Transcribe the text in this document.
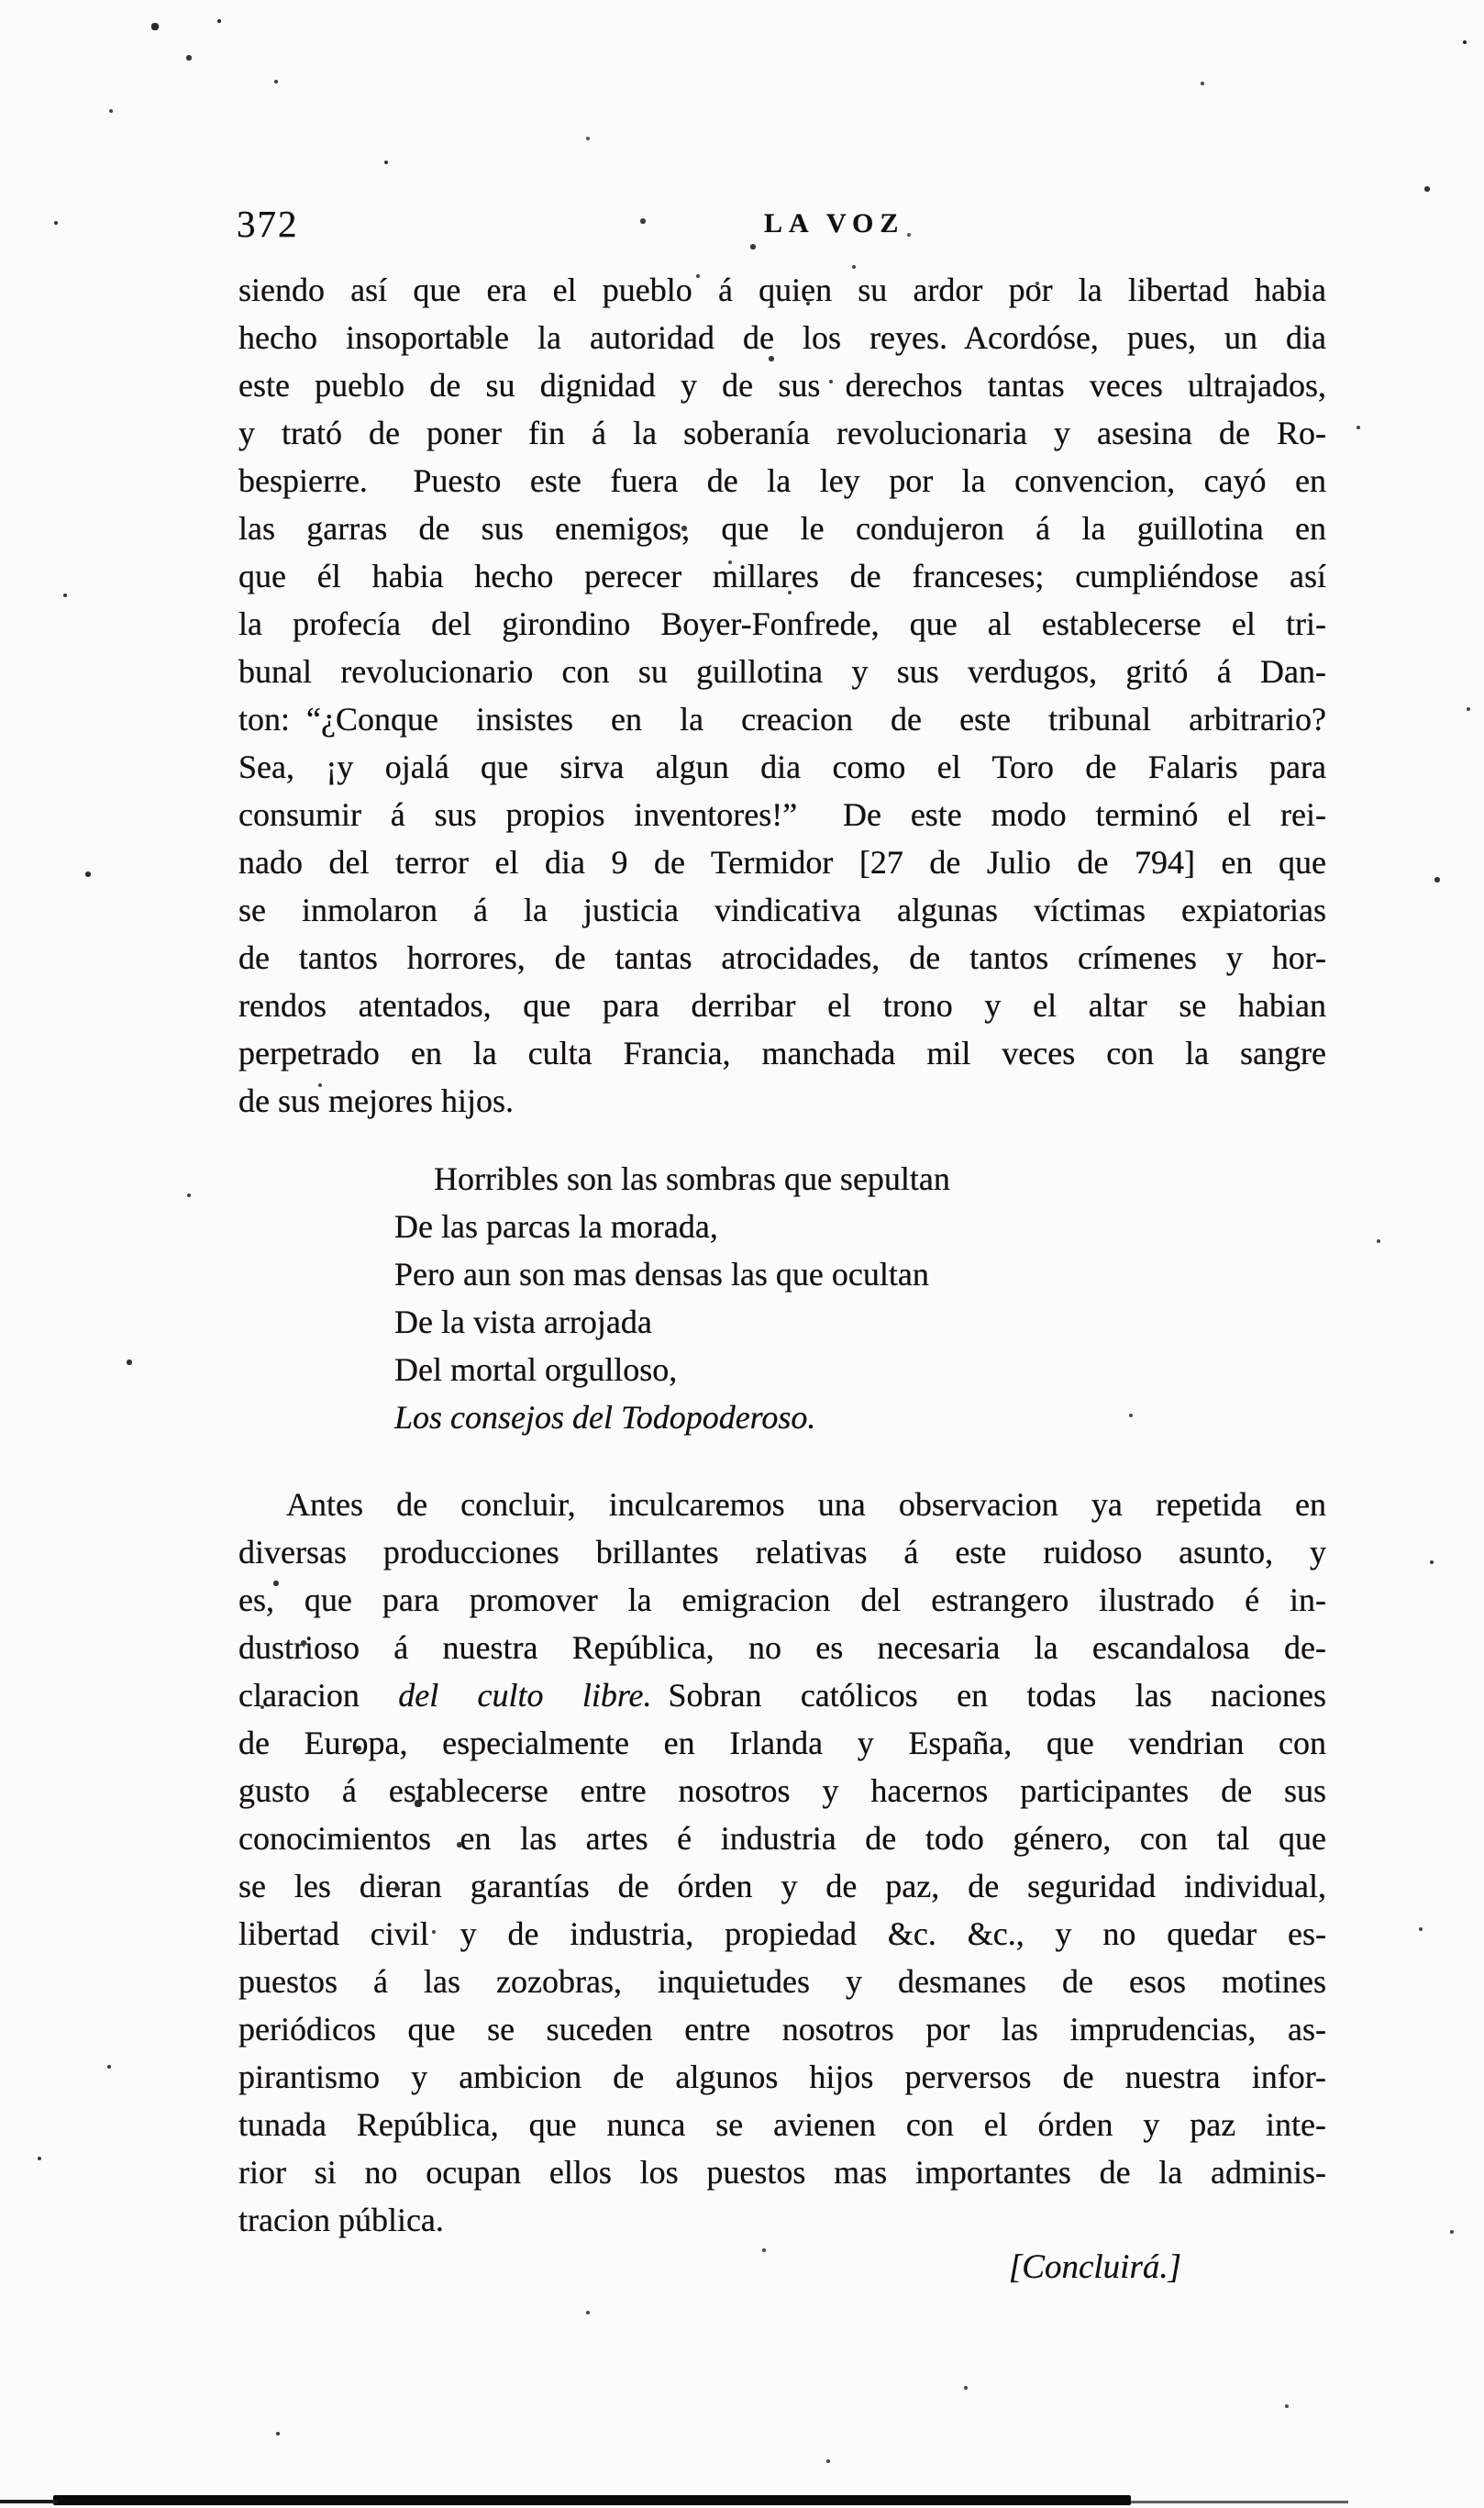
372	LA VOZ
siendo así que era el pueblo á quien su ardor por la libertad habia
hecho insoportable la autoridad de los reyes. Acordóse, pues, un dia
este pueblo de su dignidad y de sus derechos tantas veces ultrajados,
y trató de poner fin á la soberanía revolucionaria y asesina de Ro-
bespierre.  Puesto este fuera de la ley por la convencion, cayó en
las garras de sus enemigos, que le condujeron á la guillotina en
que él habia hecho perecer millares de franceses; cumpliéndose así
la profecía del girondino Boyer-Fonfrede, que al establecerse el tri-
bunal revolucionario con su guillotina y sus verdugos, gritó á Dan-
ton: “¿Conque insistes en la creacion de este tribunal arbitrario?
Sea, ¡y ojalá que sirva algun dia como el Toro de Falaris para
consumir á sus propios inventores!”  De este modo terminó el rei-
nado del terror el dia 9 de Termidor [27 de Julio de 794] en que
se inmolaron á la justicia vindicativa algunas víctimas expiatorias
de tantos horrores, de tantas atrocidades, de tantos crímenes y hor-
rendos atentados, que para derribar el trono y el altar se habian
perpetrado en la culta Francia, manchada mil veces con la sangre
de sus mejores hijos.
Horribles son las sombras que sepultan
De las parcas la morada,
Pero aun son mas densas las que ocultan
De la vista arrojada
Del mortal orgulloso,
Los consejos del Todopoderoso.
Antes de concluir, inculcaremos una observacion ya repetida en
diversas producciones brillantes relativas á este ruidoso asunto, y
es, que para promover la emigracion del estrangero ilustrado é in-
dustrioso á nuestra República, no es necesaria la escandalosa de-
claracion del culto libre. Sobran católicos en todas las naciones
de Europa, especialmente en Irlanda y España, que vendrian con
gusto á establecerse entre nosotros y hacernos participantes de sus
conocimientos en las artes é industria de todo género, con tal que
se les dieran garantías de órden y de paz, de seguridad individual,
libertad civil y de industria, propiedad &c. &c., y no quedar es-
puestos á las zozobras, inquietudes y desmanes de esos motines
periódicos que se suceden entre nosotros por las imprudencias, as-
pirantismo y ambicion de algunos hijos perversos de nuestra infor-
tunada República, que nunca se avienen con el órden y paz inte-
rior si no ocupan ellos los puestos mas importantes de la adminis-
tracion pública.
[Concluirá.]
